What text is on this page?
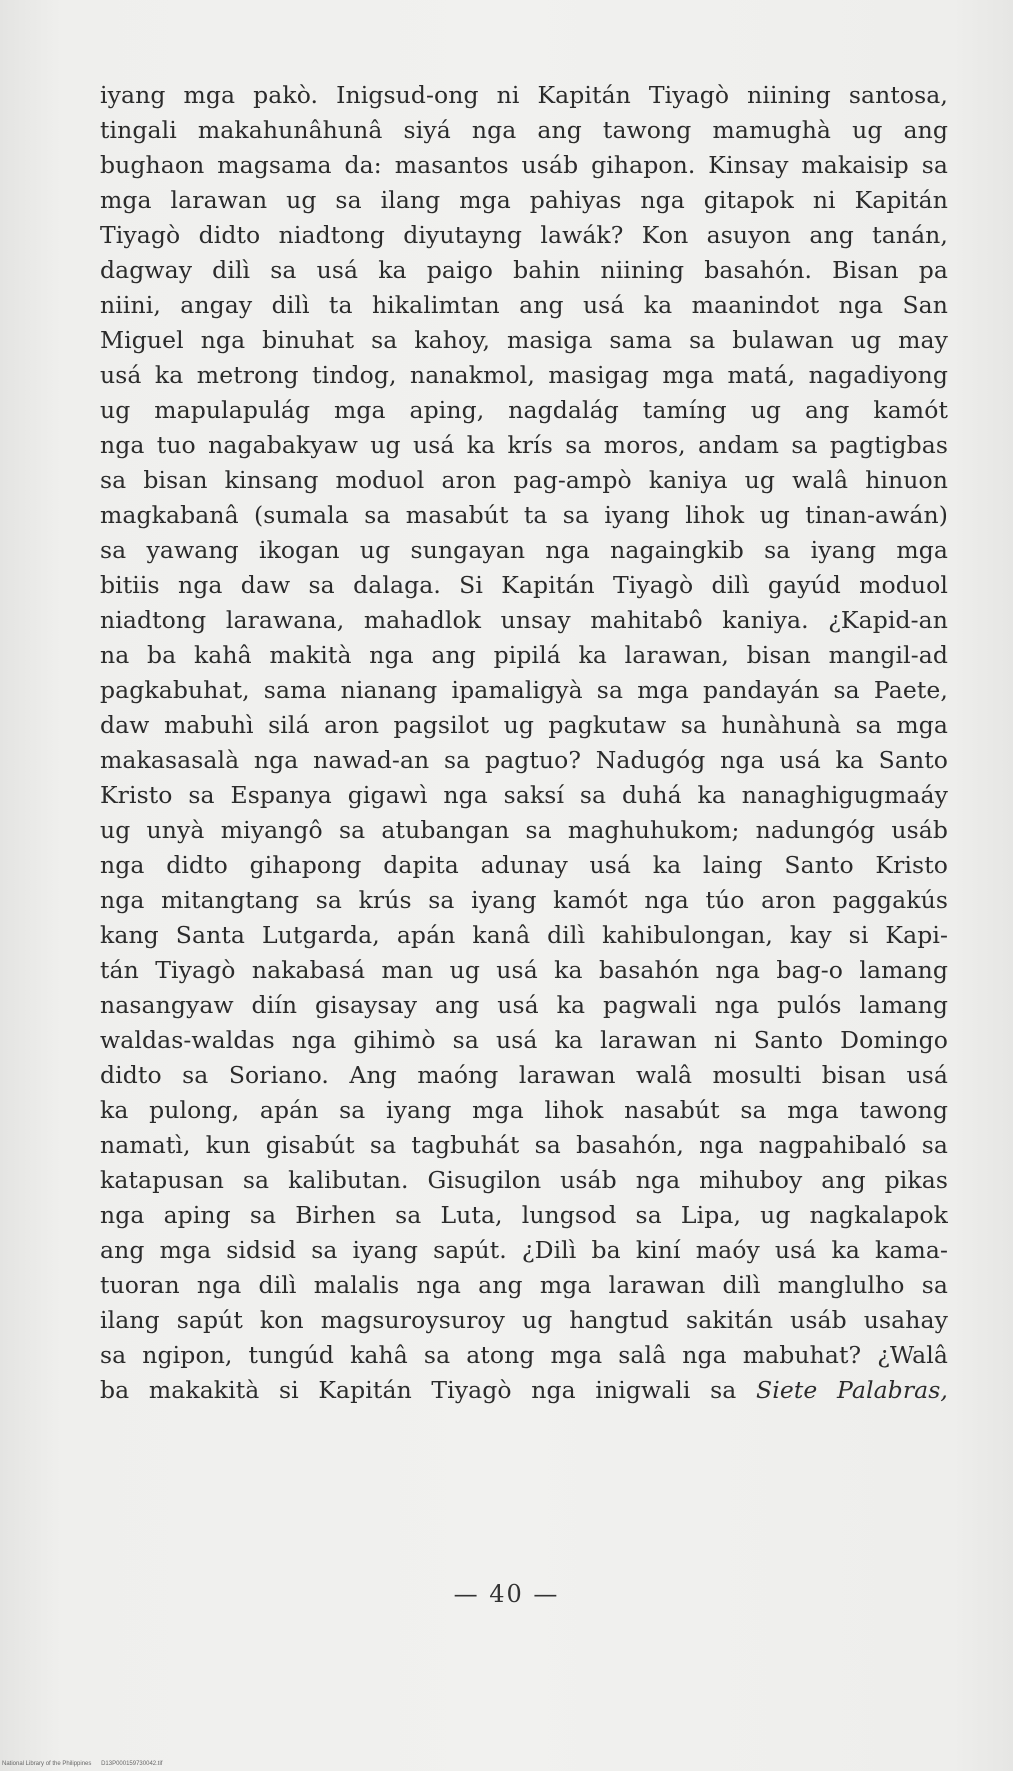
iyang mga pakò. Inigsud-ong ni Kapitán Tiyagò niining santosa,
tingali makahunâhunâ siyá nga ang tawong mamughà ug ang
bughaon magsama da: masantos usáb gihapon. Kinsay makaisip sa
mga larawan ug sa ilang mga pahiyas nga gitapok ni Kapitán
Tiyagò didto niadtong diyutayng lawák? Kon asuyon ang tanán,
dagway dilì sa usá ka paigo bahin niining basahón. Bisan pa
niini, angay dilì ta hikalimtan ang usá ka maanindot nga San
Miguel nga binuhat sa kahoy, masiga sama sa bulawan ug may
usá ka metrong tindog, nanakmol, masigag mga matá, nagadiyong
ug mapulapulág mga aping, nagdalág tamíng ug ang kamót
nga tuo nagabakyaw ug usá ka krís sa moros, andam sa pagtigbas
sa bisan kinsang moduol aron pag-ampò kaniya ug walâ hinuon
magkabanâ (sumala sa masabút ta sa iyang lihok ug tinan-awán)
sa yawang ikogan ug sungayan nga nagaingkib sa iyang mga
bitiis nga daw sa dalaga. Si Kapitán Tiyagò dilì gayúd moduol
niadtong larawana, mahadlok unsay mahitabô kaniya. ¿Kapid-an
na ba kahâ makità nga ang pipilá ka larawan, bisan mangil-ad
pagkabuhat, sama nianang ipamaligyà sa mga pandayán sa Paete,
daw mabuhì silá aron pagsilot ug pagkutaw sa hunàhunà sa mga
makasasalà nga nawad-an sa pagtuo? Nadugóg nga usá ka Santo
Kristo sa Espanya gigawì nga saksí sa duhá ka nanaghigugmaáy
ug unyà miyangô sa atubangan sa maghuhukom; nadungóg usáb
nga didto gihapong dapita adunay usá ka laing Santo Kristo
nga mitangtang sa krús sa iyang kamót nga túo aron paggakús
kang Santa Lutgarda, apán kanâ dilì kahibulongan, kay si Kapi-
tán Tiyagò nakabasá man ug usá ka basahón nga bag-o lamang
nasangyaw diín gisaysay ang usá ka pagwali nga pulós lamang
waldas-waldas nga gihimò sa usá ka larawan ni Santo Domingo
didto sa Soriano. Ang maóng larawan walâ mosulti bisan usá
ka pulong, apán sa iyang mga lihok nasabút sa mga tawong
namatì, kun gisabút sa tagbuhát sa basahón, nga nagpahibaló sa
katapusan sa kalibutan. Gisugilon usáb nga mihuboy ang pikas
nga aping sa Birhen sa Luta, lungsod sa Lipa, ug nagkalapok
ang mga sidsid sa iyang sapút. ¿Dilì ba kiní maóy usá ka kama-
tuoran nga dilì malalis nga ang mga larawan dilì manglulho sa
ilang sapút kon magsuroysuroy ug hangtud sakitán usáb usahay
sa ngipon, tungúd kahâ sa atong mga salâ nga mabuhat? ¿Walâ
ba makakità si Kapitán Tiyagò nga inigwali sa Siete Palabras,
— 40 —
National Library of the Philippines D13P000159730042.tif
